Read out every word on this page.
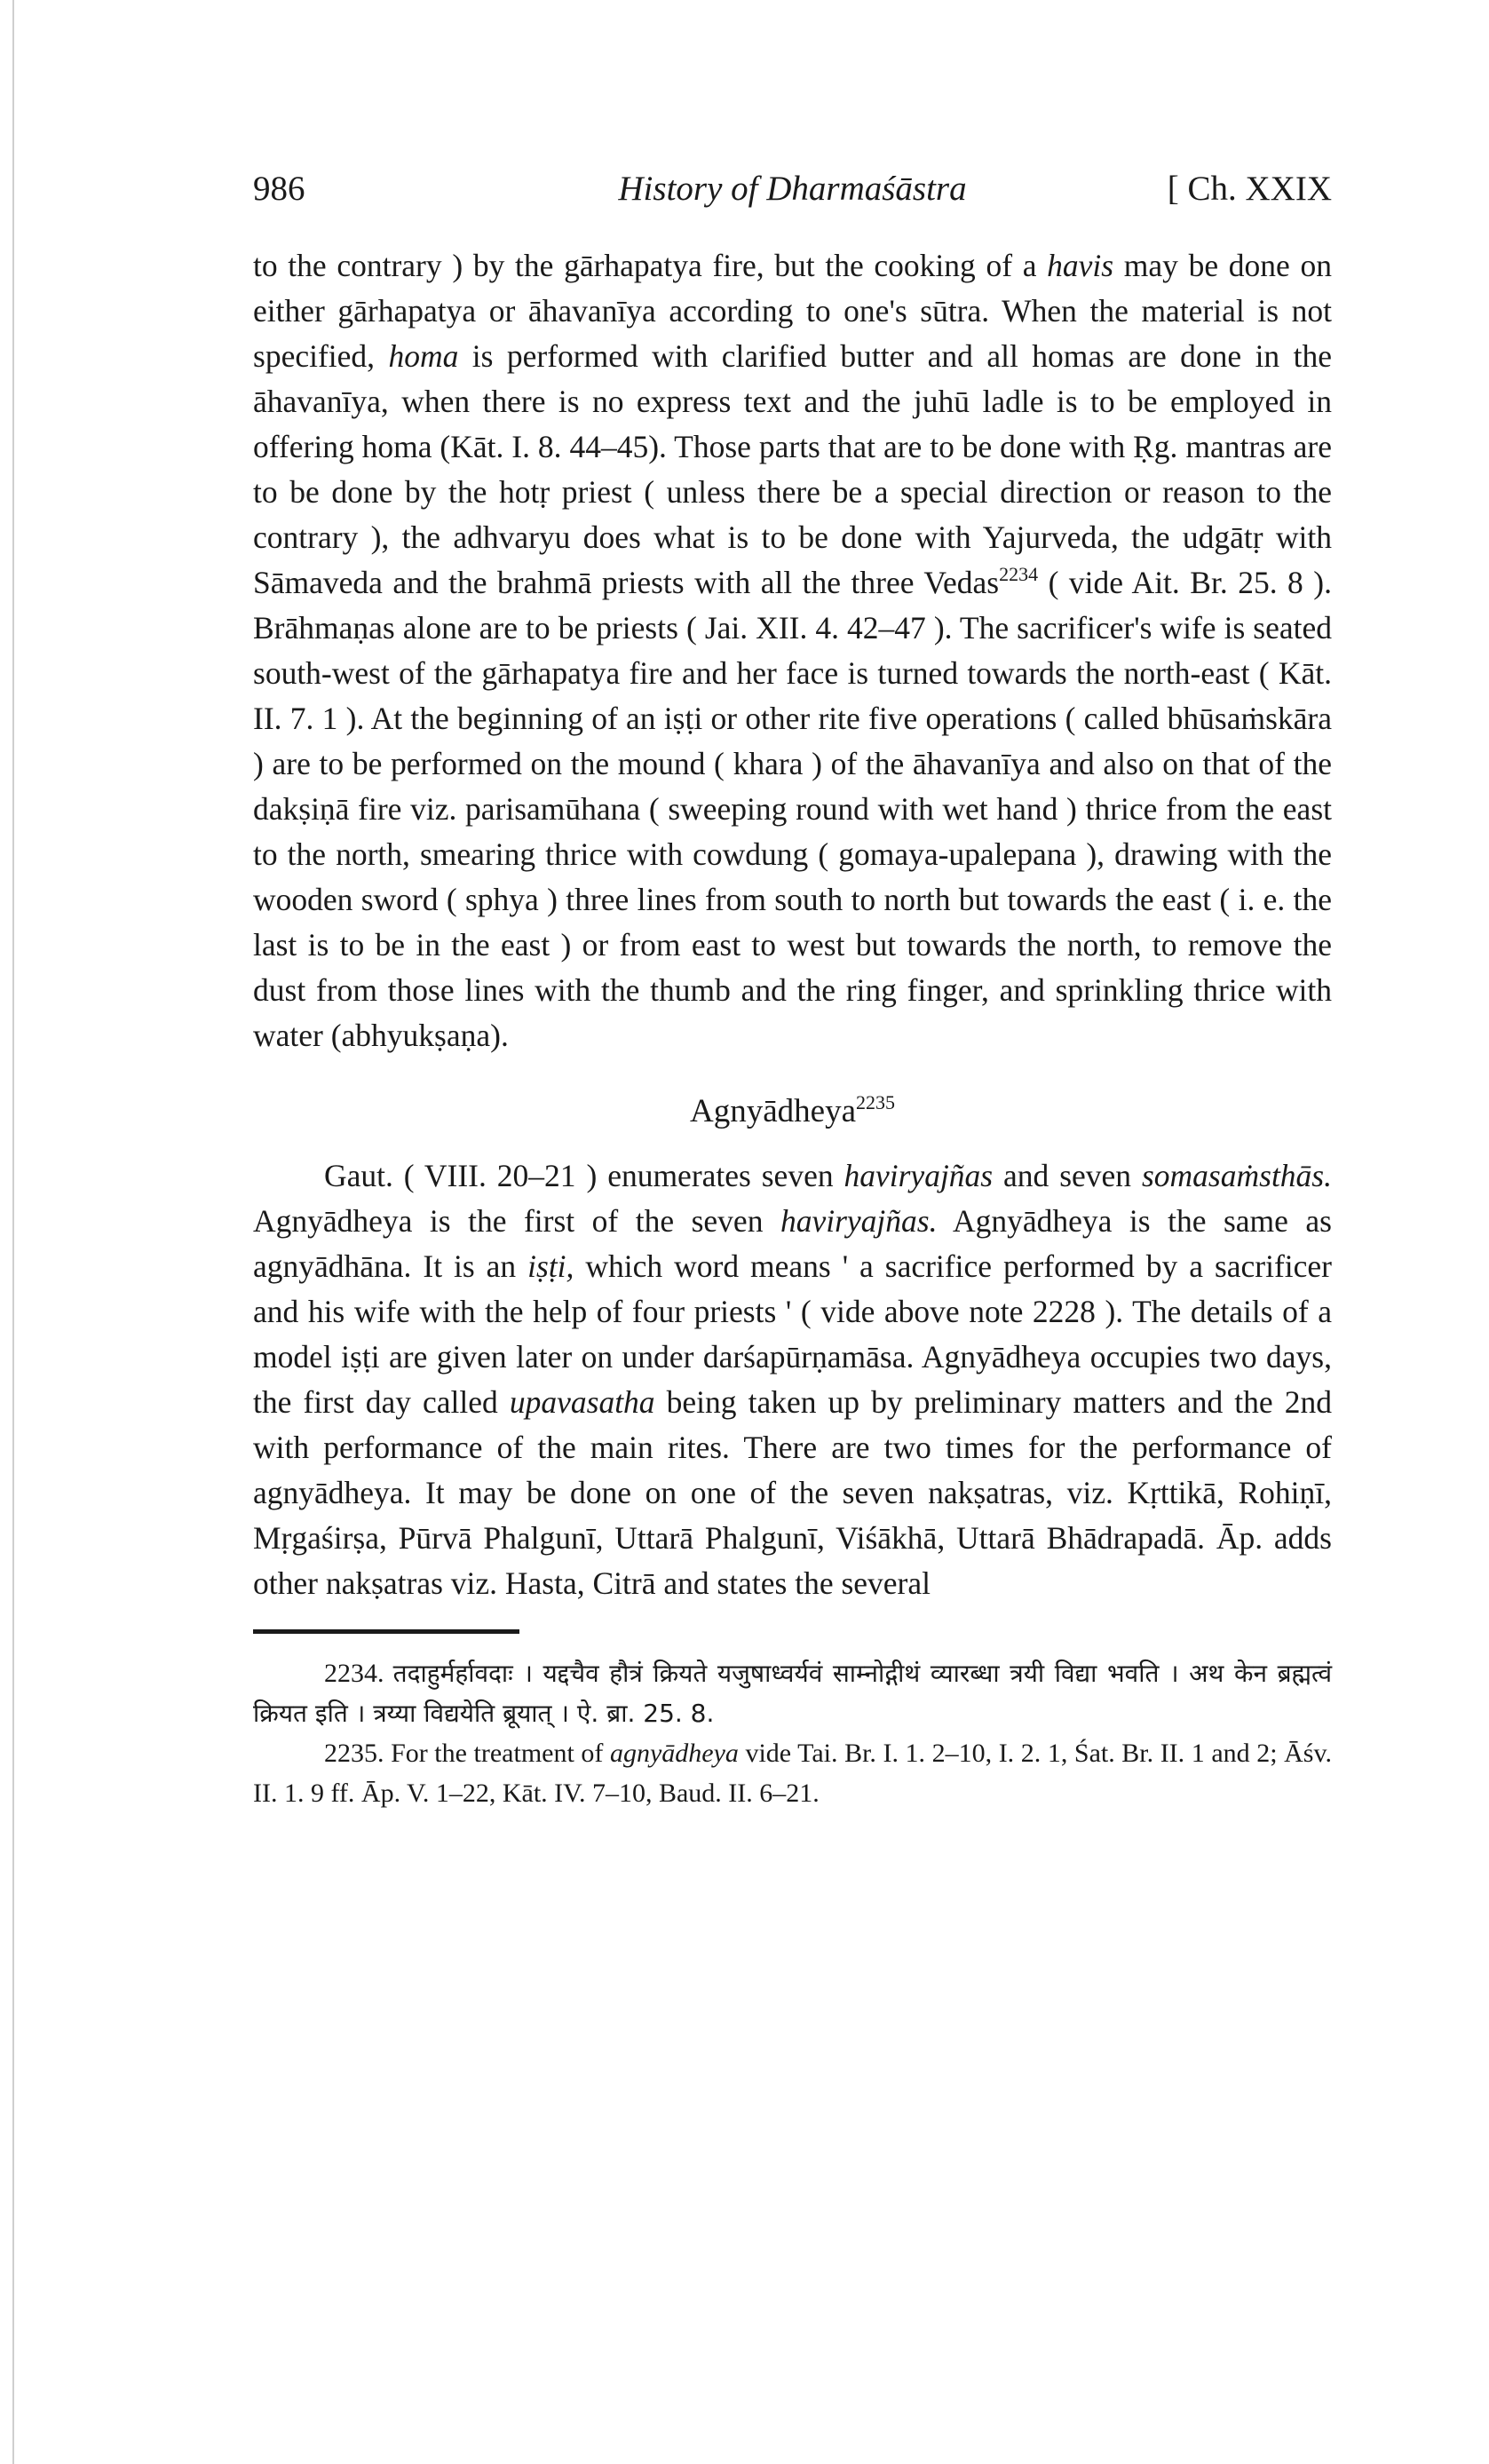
986	History of Dharmaśāstra	[ Ch. XXIX

to the contrary ) by the gārhapatya fire, but the cooking of a havis may be done on either gārhapatya or āhavanīya according to one's sūtra. When the material is not specified, homa is performed with clarified butter and all homas are done in the āhavanīya, when there is no express text and the juhū ladle is to be employed in offering homa (Kāt. I. 8. 44–45). Those parts that are to be done with Ṛg. mantras are to be done by the hotṛ priest ( unless there be a special direction or reason to the contrary ), the adhvaryu does what is to be done with Yajurveda, the udgātṛ with Sāmaveda and the brahmā priests with all the three Vedas$^{2234}$ ( vide Ait. Br. 25. 8 ). Brāhmaṇas alone are to be priests ( Jai. XII. 4. 42–47 ). The sacrificer's wife is seated south-west of the gārhapatya fire and her face is turned towards the north-east ( Kāt. II. 7. 1 ). At the beginning of an iṣṭi or other rite five operations ( called bhūsaṁskāra ) are to be performed on the mound ( khara ) of the āhavanīya and also on that of the dakṣiṇā fire viz. parisamūhana ( sweeping round with wet hand ) thrice from the east to the north, smearing thrice with cowdung ( gomaya-upalepana ), drawing with the wooden sword ( sphya ) three lines from south to north but towards the east ( i. e. the last is to be in the east ) or from east to west but towards the north, to remove the dust from those lines with the thumb and the ring finger, and sprinkling thrice with water (abhyukṣaṇa).

Agnyādheya$^{2235}$

Gaut. ( VIII. 20–21 ) enumerates seven haviryajñas and seven somasaṁsthās. Agnyādheya is the first of the seven haviryajñas. Agnyādheya is the same as agnyādhāna. It is an iṣṭi, which word means ' a sacrifice performed by a sacrificer and his wife with the help of four priests ' ( vide above note 2228 ). The details of a model iṣṭi are given later on under darśapūrṇamāsa. Agnyādheya occupies two days, the first day called upavasatha being taken up by preliminary matters and the 2nd with performance of the main rites. There are two times for the performance of agnyādheya. It may be done on one of the seven nakṣatras, viz. Kṛttikā, Rohiṇī, Mṛgaśirṣa, Pūrvā Phalgunī, Uttarā Phalgunī, Viśākhā, Uttarā Bhādrapadā. Āp. adds other nakṣatras viz. Hasta, Citrā and states the several

2234. तदाहुर्मर्हावदाः । यद्दचैव हौत्रं क्रियते यजुषाध्वर्यवं साम्नोद्गीथं व्यारब्धा त्रयी विद्या भवति । अथ केन ब्रह्मत्वं क्रियत इति । त्रय्या विद्ययेति ब्रूयात् । ऐ. ब्रा. 25. 8.

2235. For the treatment of agnyādheya vide Tai. Br. I. 1. 2–10, I. 2. 1, Śat. Br. II. 1 and 2; Āśv. II. 1. 9 ff. Āp. V. 1–22, Kāt. IV. 7–10, Baud. II. 6–21.
